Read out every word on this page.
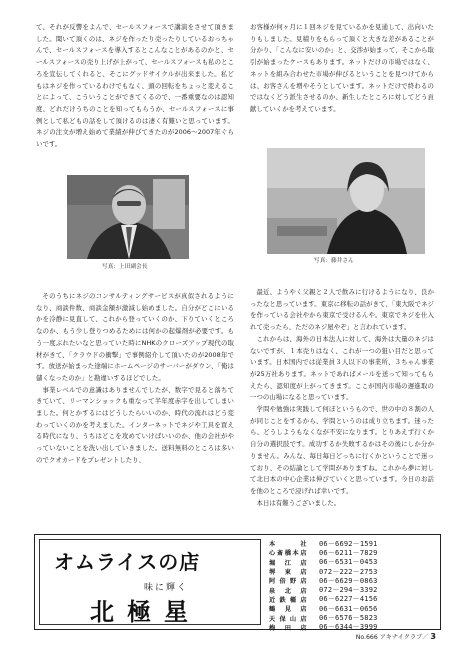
て、それが反響をよんで、セールスフォースで講演をさせて頂きました。聞いて頂くのは、ネジを作ったり売ったりしているおっちゃんで、セールスフォースを導入するとこんなことがあるのかと、セールスフォースの売り上げが上がって、セールスフォースも私のところを宣伝してくれると、そこにグッドサイクルが出来ました。私どもはネジを作っているわけでもなく、頭の回転をちょっと変えることによって、こういうことができてくるので、一番重要なのは認知度、どれだけうちのことを知ってもらうか、セールスフォースに事例として私どもの話をして頂けるのは凄く有難いと思っています。ネジの注文が増え始めて業績が伸びてきたのが2006～2007年ぐらいです。

お客様が何ヶ月に１回ネジを見ているかを見通して、出向いたりもしました。見積りをもらって頂くと大きな差があることが分かり、「こんなに安いのか」と、交渉が始まって、そこから取引が始まったケースもあります。ネットだけの市場ではなく、ネットを組み合わせた市場が伸びるということを見つけてからは、お客さんを増やそうとしています。ネットだけで終わるのではなくどう派生させるのか、新生したところに対してどう貢献していくかを考えています。

写真：上田副会長
写真：藤井さん

そのうちにネジのコンサルティングサービスが真似されるようになり、商談件数、商談金額が激減し始めました。自分がどこにいるかを冷静に見直して、これから登っていくのか、下りていくところなのか、もう少し登りつめるためには何かの起爆剤が必要です。もう一度ぶれたいなと思っていた時にNHKのクローズアップ現代の取材がきて、「クラウドの衝撃」で事例紹介して頂いたのが2008年です。放送が始まった途端にホームページのサーバーがダウン、「俺は儲くなったのか」と勘違いするほどでした。

事業レベルでの意識はありませんでしたが、数字で見ると落ちてきていて、リーマンショックも重なって半年度赤字を出してしまいました。何とかするにはどうしたらいいのか、時代の流れはどう変わっていくのかを考えました。インターネットでネジや工具を買える時代になり、うちはどこを攻めていけばいいのか、他の会社がやっていないことを洗い出していきました。送料無料のところは多いのでクオカードをプレゼントしたり、

最近、ようやく父親と２人で飲みに行けるようになり、良かったなと思っています。東京に移転の話がきて、「東大阪でネジを作っている会社やから東京で受けるんや。東京でネジを仕入れて売ったら、ただのネジ屋やぞ」と言われています。

これからは、海外の日本法人に対して、海外は大量のネジはないですが、１本売りはなく、これが一つの狙い目だと思っています。日本国内では従業員３人以下の事業所、３ちゃん事業が25万社あります。ネットであればメールを送って知ってもらえたら、認知度が上がってきます。ここが国内市場の遅進取の一つの山場になると思っています。

学問や勉強は実践して何ぼというもので、世の中の８割の人が同じことをするから、学問というのは成り立ちます。迷ったら、どうしようもなくなが不安になります。とりあえず行くか自分の選択肢です。成功するか失敗するかはその後にしか分かりません。みんな、毎日毎日どっちに行くかということで迷っており、その結論として学問がありますね。これから夢に対して北日本の中心企業は伸びていくと思っています。今日のお話を他のところで浸げれば幸いです。

本日は有難うございました。

オムライスの店
味に輝く
北極星
本　　社 06－6692－1591
心斎橋本店 06－6211－7829
堀江店 06－6531－0453
堺東店 072－222－2753
阿倍野店 06－6629－0863
泉北店 072－294－3392
近鉄橿店 06－6227－4156
鶴見店 06－6631－0656
天保山店 06－6576－5823
梅田店 06－6344－3999
No.666 アキナイクラブ／ 3
